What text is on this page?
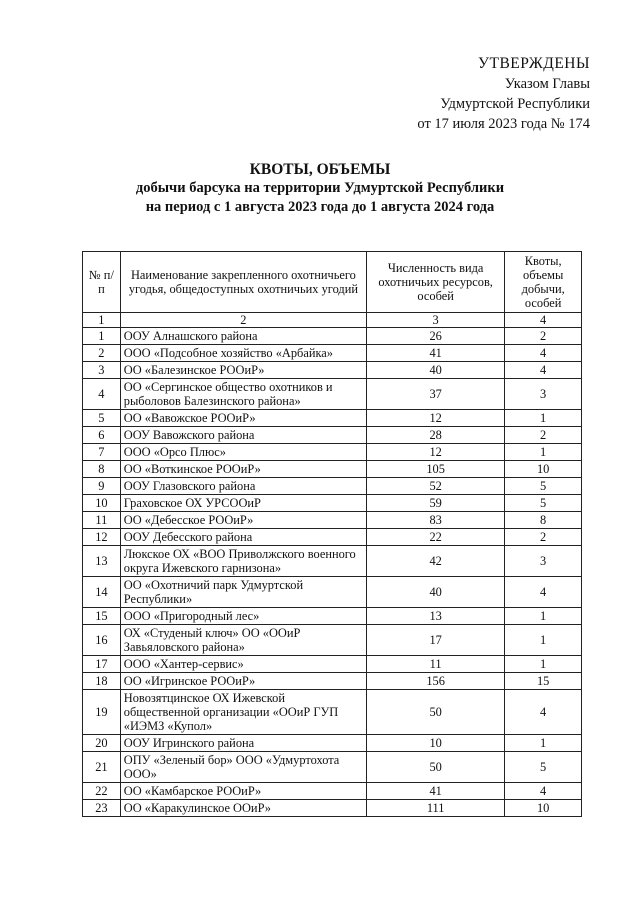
УТВЕРЖДЕНЫ
Указом Главы
Удмуртской Республики
от 17 июля 2023 года № 174
КВОТЫ, ОБЪЕМЫ
добычи барсука на территории Удмуртской Республики
на период с 1 августа 2023 года до 1 августа 2024 года
№ п/п	Наименование закрепленного охотничьего угодья, общедоступных охотничьих угодий	Численность вида охотничьих ресурсов, особей	Квоты, объемы добычи, особей
1	2	3	4
1	ООУ Алнашского района	26	2
2	ООО «Подсобное хозяйство «Арбайка»	41	4
3	ОО «Балезинское РООиР»	40	4
4	ОО «Сергинское общество охотников и рыболовов Балезинского района»	37	3
5	ОО «Вавожское РООиР»	12	1
6	ООУ Вавожского района	28	2
7	ООО «Орсо Плюс»	12	1
8	ОО «Воткинское РООиР»	105	10
9	ООУ Глазовского района	52	5
10	Граховское ОХ УРСООиР	59	5
11	ОО «Дебесское РООиР»	83	8
12	ООУ Дебесского района	22	2
13	Люкское ОХ «ВОО Приволжского военного округа Ижевского гарнизона»	42	3
14	ОО «Охотничий парк Удмуртской Республики»	40	4
15	ООО «Пригородный лес»	13	1
16	ОХ «Студеный ключ» ОО «ООиР Завьяловского района»	17	1
17	ООО «Хантер-сервис»	11	1
18	ОО «Игринское РООиР»	156	15
19	Новозятцинское ОХ Ижевской общественной организации «ООиР ГУП «ИЭМЗ «Купол»	50	4
20	ООУ Игринского района	10	1
21	ОПУ «Зеленый бор» ООО «Удмуртохота ООО»	50	5
22	ОО «Камбарское РООиР»	41	4
23	ОО «Каракулинское ООиР»	111	10
